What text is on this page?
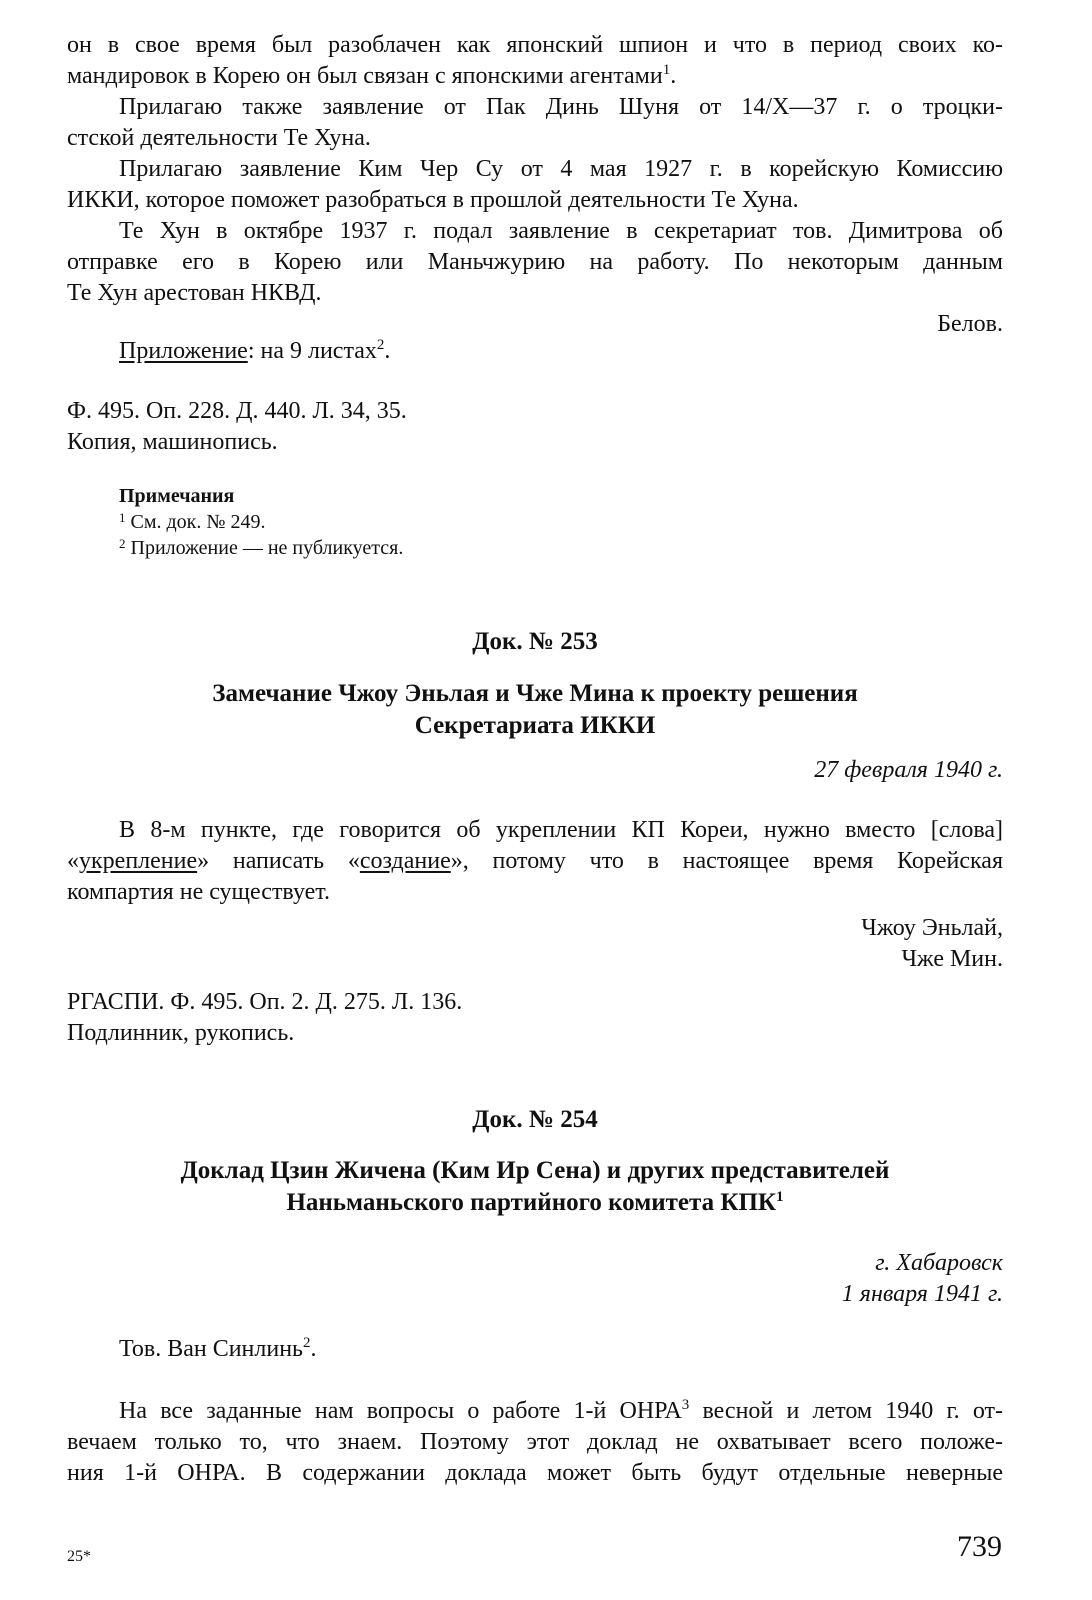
он в свое время был разоблачен как японский шпион и что в период своих ко-

мандировок в Корею он был связан с японскими агентами$^1$.

Прилагаю также заявление от Пак Динь Шуня от 14/X—37 г. о троцки-

стской деятельности Те Хуна.

Прилагаю заявление Ким Чер Су от 4 мая 1927 г. в корейскую Комиссию

ИККИ, которое поможет разобраться в прошлой деятельности Те Хуна.

Те Хун в октябре 1937 г. подал заявление в секретариат тов. Димитрова об

отправке его в Корею или Маньчжурию на работу. По некоторым данным

Те Хун арестован НКВД.

Белов.

Приложение: на 9 листах$^2$.

Ф. 495. Оп. 228. Д. 440. Л. 34, 35.

Копия, машинопись.

Примечания

$^1$ См. док. № 249.

$^2$ Приложение — не публикуется.

Док. № 253

Замечание Чжоу Эньлая и Чже Мина к проекту решения

Секретариата ИККИ

27 февраля 1940 г.

В 8-м пункте, где говорится об укреплении КП Кореи, нужно вместо [слова]

«укрепление» написать «создание», потому что в настоящее время Корейская

компартия не существует.

Чжоу Эньлай,

Чже Мин.

РГАСПИ. Ф. 495. Оп. 2. Д. 275. Л. 136.

Подлинник, рукопись.

Док. № 254

Доклад Цзин Жичена (Ким Ир Сена) и других представителей

Наньманьского партийного комитета КПК$^1$

г. Хабаровск

1 января 1941 г.

Тов. Ван Синлинь$^2$.

На все заданные нам вопросы о работе 1-й ОНРА$^3$ весной и летом 1940 г. от-

вечаем только то, что знаем. Поэтому этот доклад не охватывает всего положе-

ния 1-й ОНРА. В содержании доклада может быть будут отдельные неверные

25*	739
